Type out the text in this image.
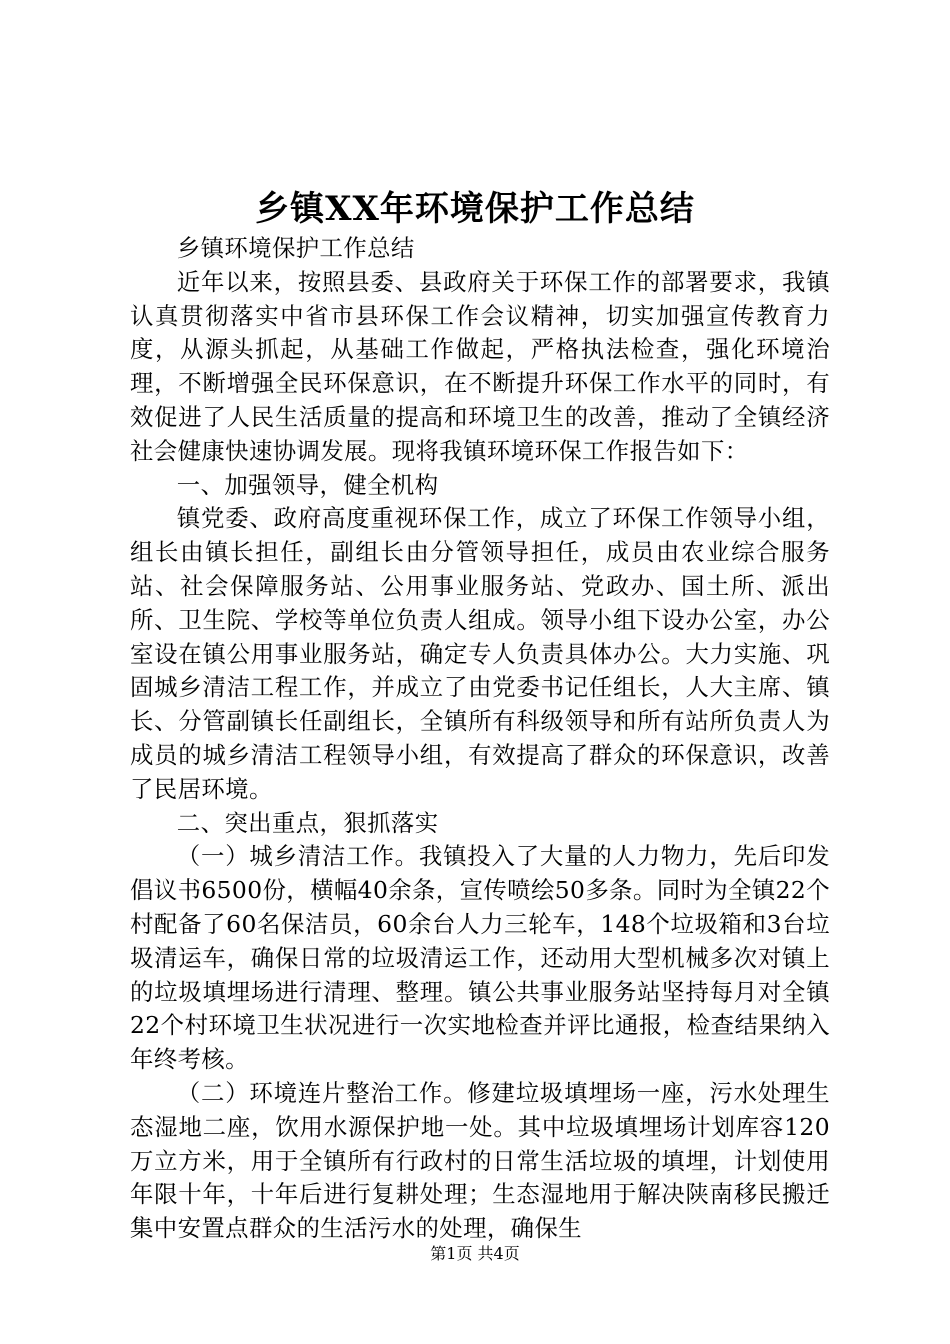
乡镇XX年环境保护工作总结

乡镇环境保护工作总结

近年以来，按照县委、县政府关于环保工作的部署要求，我镇认真贯彻落实中省市县环保工作会议精神，切实加强宣传教育力度，从源头抓起，从基础工作做起，严格执法检查，强化环境治理，不断增强全民环保意识，在不断提升环保工作水平的同时，有效促进了人民生活质量的提高和环境卫生的改善，推动了全镇经济社会健康快速协调发展。现将我镇环境环保工作报告如下：

一、加强领导，健全机构

镇党委、政府高度重视环保工作，成立了环保工作领导小组，组长由镇长担任，副组长由分管领导担任，成员由农业综合服务站、社会保障服务站、公用事业服务站、党政办、国土所、派出所、卫生院、学校等单位负责人组成。领导小组下设办公室，办公室设在镇公用事业服务站，确定专人负责具体办公。大力实施、巩固城乡清洁工程工作，并成立了由党委书记任组长，人大主席、镇长、分管副镇长任副组长，全镇所有科级领导和所有站所负责人为成员的城乡清洁工程领导小组，有效提高了群众的环保意识，改善了民居环境。

二、突出重点，狠抓落实

（一）城乡清洁工作。我镇投入了大量的人力物力，先后印发倡议书6500份，横幅40余条，宣传喷绘50多条。同时为全镇22个村配备了60名保洁员，60余台人力三轮车，148个垃圾箱和3台垃圾清运车，确保日常的垃圾清运工作，还动用大型机械多次对镇上的垃圾填埋场进行清理、整理。镇公共事业服务站坚持每月对全镇22个村环境卫生状况进行一次实地检查并评比通报，检查结果纳入年终考核。

（二）环境连片整治工作。修建垃圾填埋场一座，污水处理生态湿地二座，饮用水源保护地一处。其中垃圾填埋场计划库容120万立方米，用于全镇所有行政村的日常生活垃圾的填埋，计划使用年限十年，十年后进行复耕处理；生态湿地用于解决陕南移民搬迁集中安置点群众的生活污水的处理，确保生

第1页 共4页
